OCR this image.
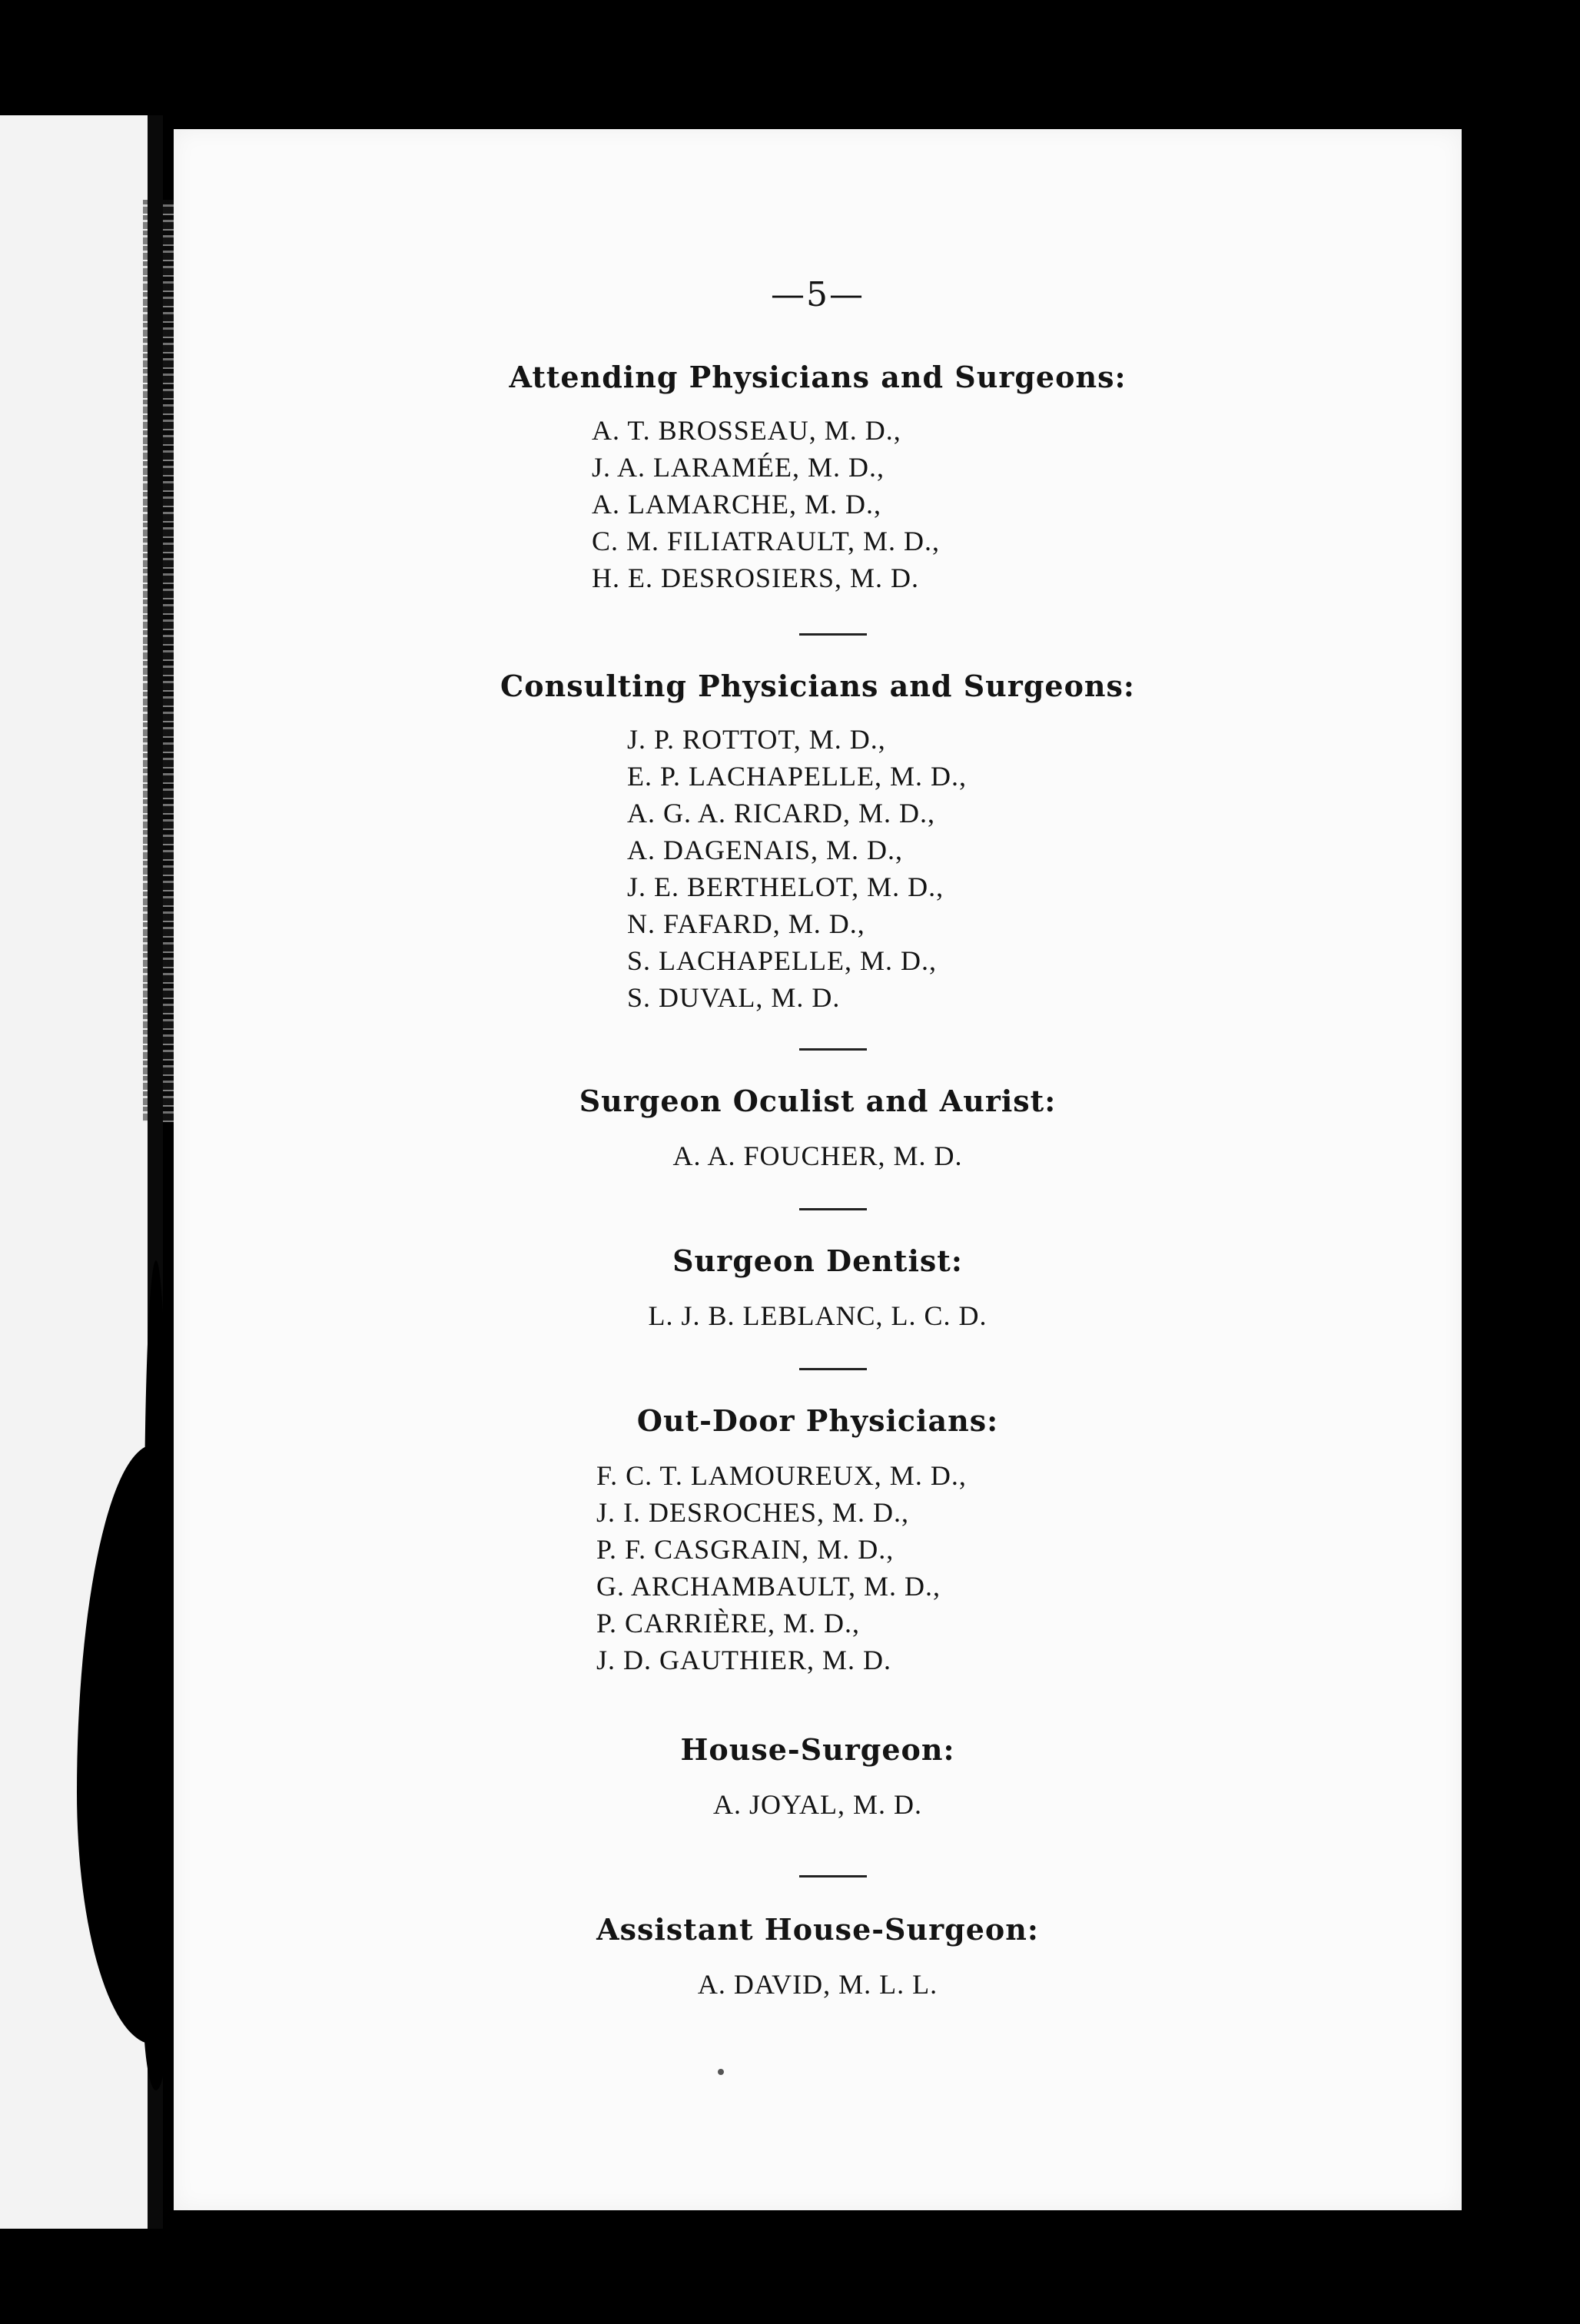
—5—
Attending Physicians and Surgeons:
A. T. BROSSEAU, M. D.,
J. A. LARAMÉE, M. D.,
A. LAMARCHE, M. D.,
C. M. FILIATRAULT, M. D.,
H. E. DESROSIERS, M. D.
Consulting Physicians and Surgeons:
J. P. ROTTOT, M. D.,
E. P. LACHAPELLE, M. D.,
A. G. A. RICARD, M. D.,
A. DAGENAIS, M. D.,
J. E. BERTHELOT, M. D.,
N. FAFARD, M. D.,
S. LACHAPELLE, M. D.,
S. DUVAL, M. D.
Surgeon Oculist and Aurist:
A. A. FOUCHER, M. D.
Surgeon Dentist:
L. J. B. LEBLANC, L. C. D.
Out-Door Physicians:
F. C. T. LAMOUREUX, M. D.,
J. I. DESROCHES, M. D.,
P. F. CASGRAIN, M. D.,
G. ARCHAMBAULT, M. D.,
P. CARRIÈRE, M. D.,
J. D. GAUTHIER, M. D.
House-Surgeon:
A. JOYAL, M. D.
Assistant House-Surgeon:
A. DAVID, M. L. L.
